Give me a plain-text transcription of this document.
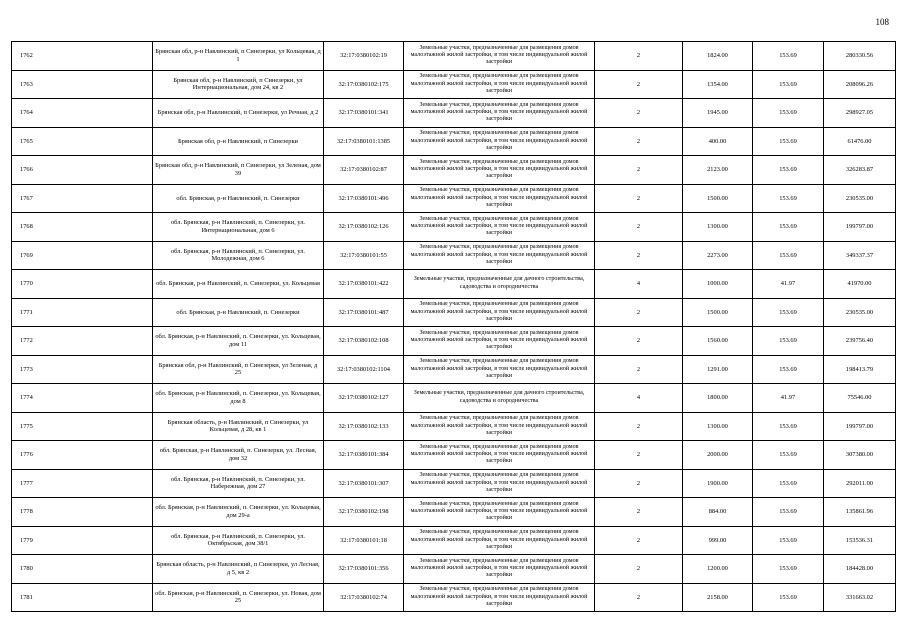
108
1762	Брянская обл, р-н Навлинский, п Синезерки, ул Кольцевая, д 1	32:17:0380102:19	Земельные участки, предназначенные для размещения домов малоэтажной жилой застройки, в том числе индивидуальной жилой застройки	2	1824.00	153.69	280330.56
1763	Брянская обл, р-н Навлинский, п Синезерки, ул Интернациональная, дом 24, кв 2	32:17:0380102:175	Земельные участки, предназначенные для размещения домов малоэтажной жилой застройки, в том числе индивидуальной жилой застройки	2	1354.00	153.69	208096.26
1764	Брянская обл, р-н Навлинский, п Синезерки, ул Речная, д 2	32:17:0380101:341	Земельные участки, предназначенные для размещения домов малоэтажной жилой застройки, в том числе индивидуальной жилой застройки	2	1945.00	153.69	298927.05
1765	Брянская обл, р-н Навлинский, п Синезерки	32:17:0380101:1385	Земельные участки, предназначенные для размещения домов малоэтажной жилой застройки, в том числе индивидуальной жилой застройки	2	400.00	153.69	61476.00
1766	Брянская обл, р-н Навлинский, п Синезерки, ул Зеленая, дом 39	32:17:0380102:87	Земельные участки, предназначенные для размещения домов малоэтажной жилой застройки, в том числе индивидуальной жилой застройки	2	2123.00	153.69	326283.87
1767	обл. Брянская, р-н Навлинский, п. Синезерки	32:17:0380101:496	Земельные участки, предназначенные для размещения домов малоэтажной жилой застройки, в том числе индивидуальной жилой застройки	2	1500.00	153.69	230535.00
1768	обл. Брянская, р-н Навлинский, п. Синезерки, ул. Интернациональная, дом 6	32:17:0380102:126	Земельные участки, предназначенные для размещения домов малоэтажной жилой застройки, в том числе индивидуальной жилой застройки	2	1300.00	153.69	199797.00
1769	обл. Брянская, р-н Навлинский, п. Синезерки, ул. Молодежная, дом 6	32:17:0380101:55	Земельные участки, предназначенные для размещения домов малоэтажной жилой застройки, в том числе индивидуальной жилой застройки	2	2273.00	153.69	349337.37
1770	обл. Брянская, р-н Навлинский, п. Синезерки, ул. Кольцевая	32:17:0380101:422	Земельные участки, предназначенные для дачного строительства, садоводства и огородничества	4	1000.00	41.97	41970.00
1771	обл. Брянская, р-н Навлинский, п. Синезерки	32:17:0380101:487	Земельные участки, предназначенные для размещения домов малоэтажной жилой застройки, в том числе индивидуальной жилой застройки	2	1500.00	153.69	230535.00
1772	обл. Брянская, р-н Навлинский, п. Синезерки, ул. Кольцевая, дом 11	32:17:0380102:108	Земельные участки, предназначенные для размещения домов малоэтажной жилой застройки, в том числе индивидуальной жилой застройки	2	1560.00	153.69	239756.40
1773	Брянская обл, р-н Навлинский, п Синезерки, ул Зеленая, д 25	32:17:0380102:1104	Земельные участки, предназначенные для размещения домов малоэтажной жилой застройки, в том числе индивидуальной жилой застройки	2	1291.00	153.69	198413.79
1774	обл. Брянская, р-н Навлинский, п. Синезерки, ул. Кольцевая, дом 8	32:17:0380102:127	Земельные участки, предназначенные для дачного строительства, садоводства и огородничества	4	1800.00	41.97	75546.00
1775	Брянская область, р-н Навлинский, п Синезерки, ул Кольцевая, д 28, кв 1	32:17:0380102:133	Земельные участки, предназначенные для размещения домов малоэтажной жилой застройки, в том числе индивидуальной жилой застройки	2	1300.00	153.69	199797.00
1776	обл. Брянская, р-н Навлинский, п. Синезерки, ул. Лесная, дом 32	32:17:0380101:384	Земельные участки, предназначенные для размещения домов малоэтажной жилой застройки, в том числе индивидуальной жилой застройки	2	2000.00	153.69	307380.00
1777	обл. Брянская, р-н Навлинский, п. Синезерки, ул. Набережная, дом 27	32:17:0380101:307	Земельные участки, предназначенные для размещения домов малоэтажной жилой застройки, в том числе индивидуальной жилой застройки	2	1900.00	153.69	292011.00
1778	обл. Брянская, р-н Навлинский, п. Синезерки, ул. Кольцевая, дом 29-а	32:17:0380102:198	Земельные участки, предназначенные для размещения домов малоэтажной жилой застройки, в том числе индивидуальной жилой застройки	2	884.00	153.69	135861.96
1779	обл. Брянская, р-н Навлинский, п. Синезерки, ул. Октябрьская, дом 38/1	32:17:0380101:18	Земельные участки, предназначенные для размещения домов малоэтажной жилой застройки, в том числе индивидуальной жилой застройки	2	999.00	153.69	153536.31
1780	Брянская область, р-н Навлинский, п Синезерки, ул Лесная, д 5, кв 2	32:17:0380101:356	Земельные участки, предназначенные для размещения домов малоэтажной жилой застройки, в том числе индивидуальной жилой застройки	2	1200.00	153.69	184428.00
1781	обл. Брянская, р-н Навлинский, п. Синезерки, ул. Новая, дом 25	32:17:0380102:74	Земельные участки, предназначенные для размещения домов малоэтажной жилой застройки, в том числе индивидуальной жилой застройки	2	2158.00	153.69	331663.02
